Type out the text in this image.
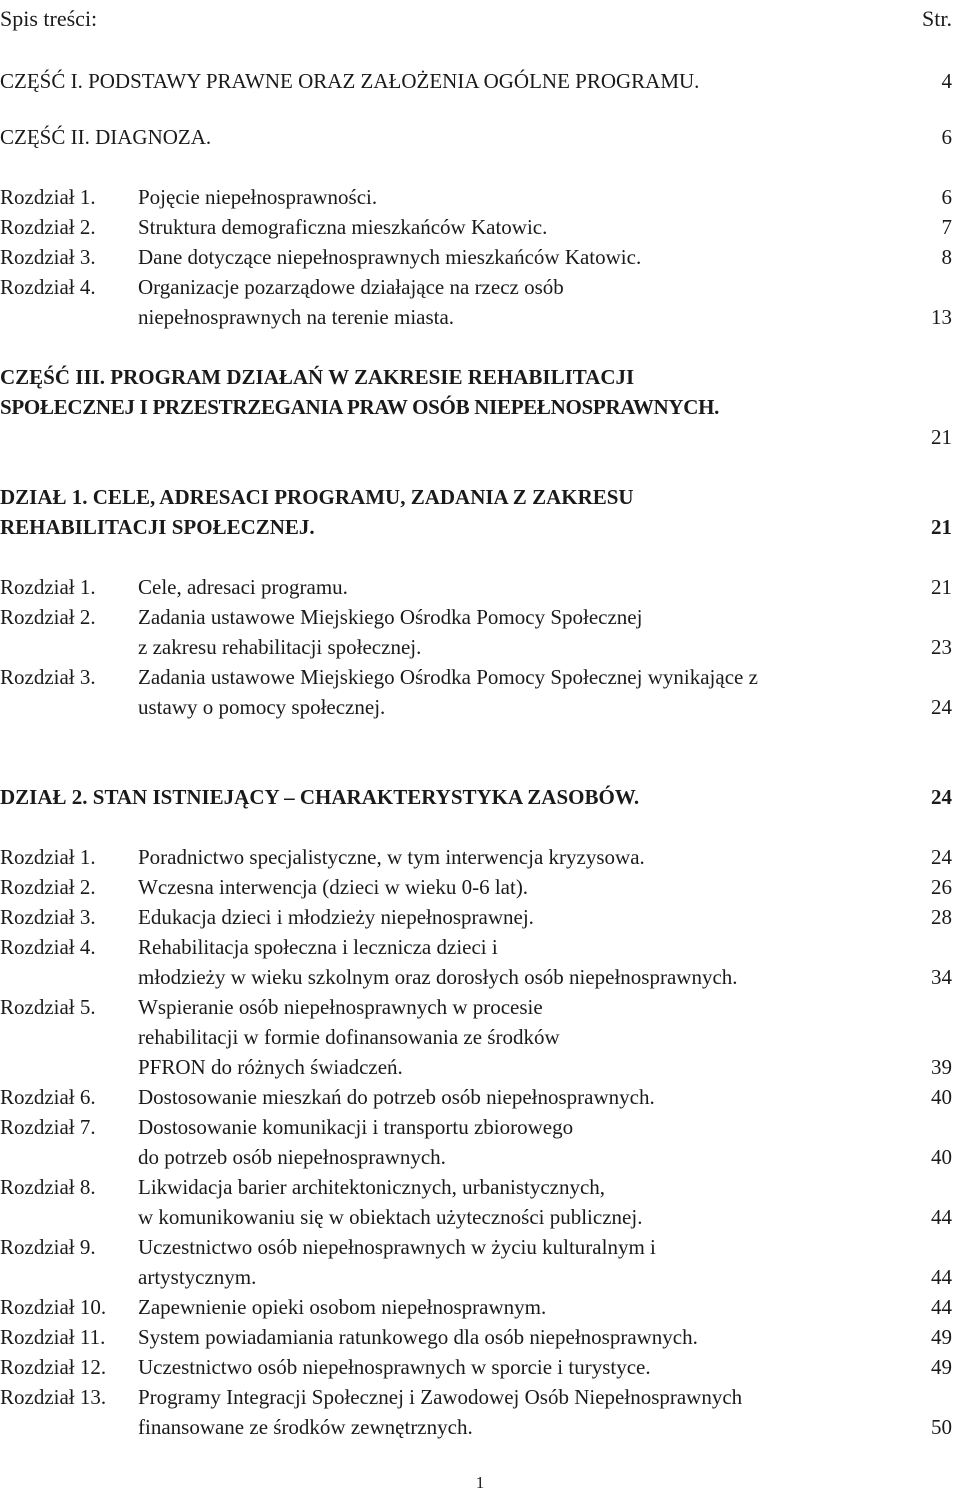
Spis treści:	Str.
CZĘŚĆ I. PODSTAWY PRAWNE ORAZ ZAŁOŻENIA OGÓLNE PROGRAMU.	4
CZĘŚĆ II. DIAGNOZA.	6
Rozdział 1. Pojęcie niepełnosprawności.	6
Rozdział 2. Struktura demograficzna mieszkańców Katowic.	7
Rozdział 3. Dane dotyczące niepełnosprawnych mieszkańców Katowic.	8
Rozdział 4. Organizacje pozarządowe działające na rzecz osób
niepełnosprawnych na terenie miasta.	13
CZĘŚĆ III. PROGRAM DZIAŁAŃ W ZAKRESIE REHABILITACJI
SPOŁECZNEJ I PRZESTRZEGANIA PRAW OSÓB NIEPEŁNOSPRAWNYCH.
21
DZIAŁ 1. CELE, ADRESACI PROGRAMU, ZADANIA Z ZAKRESU
REHABILITACJI SPOŁECZNEJ.	21
Rozdział 1. Cele, adresaci programu.	21
Rozdział 2. Zadania ustawowe Miejskiego Ośrodka Pomocy Społecznej
z zakresu rehabilitacji społecznej.	23
Rozdział 3. Zadania ustawowe Miejskiego Ośrodka Pomocy Społecznej wynikające z
ustawy o pomocy społecznej.	24
DZIAŁ 2. STAN ISTNIEJĄCY – CHARAKTERYSTYKA ZASOBÓW.	24
Rozdział 1. Poradnictwo specjalistyczne, w tym interwencja kryzysowa.	24
Rozdział 2. Wczesna interwencja (dzieci w wieku 0-6 lat).	26
Rozdział 3. Edukacja dzieci i młodzieży niepełnosprawnej.	28
Rozdział 4. Rehabilitacja społeczna i lecznicza dzieci i
młodzieży w wieku szkolnym oraz dorosłych osób niepełnosprawnych.	34
Rozdział 5. Wspieranie osób niepełnosprawnych w procesie
rehabilitacji w formie dofinansowania ze środków
PFRON do różnych świadczeń.	39
Rozdział 6. Dostosowanie mieszkań do potrzeb osób niepełnosprawnych.	40
Rozdział 7. Dostosowanie komunikacji i transportu zbiorowego
do potrzeb osób niepełnosprawnych.	40
Rozdział 8. Likwidacja barier architektonicznych, urbanistycznych,
w komunikowaniu się w obiektach użyteczności publicznej.	44
Rozdział 9. Uczestnictwo osób niepełnosprawnych w życiu kulturalnym i
artystycznym.	44
Rozdział 10. Zapewnienie opieki osobom niepełnosprawnym.	44
Rozdział 11. System powiadamiania ratunkowego dla osób niepełnosprawnych.	49
Rozdział 12. Uczestnictwo osób niepełnosprawnych w sporcie i turystyce.	49
Rozdział 13. Programy Integracji Społecznej i Zawodowej Osób Niepełnosprawnych
finansowane ze środków zewnętrznych.	50
1
